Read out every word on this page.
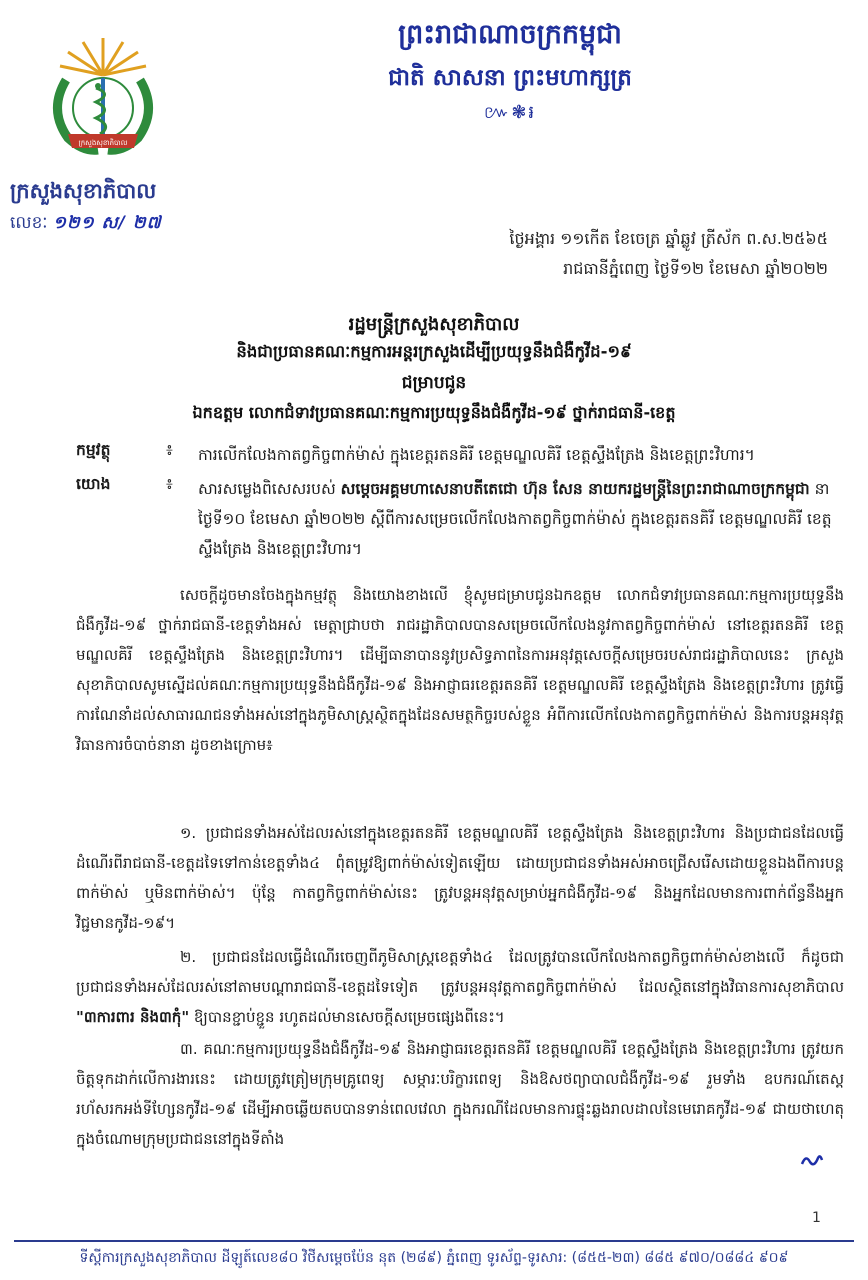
ក្រសួងសុខាភិបាល
ក្រសួងសុខាភិបាល
លេខៈ ១២១ ស/ ២៧
ព្រះរាជាណាចក្រកម្ពុជា
ជាតិ សាសនា ព្រះមហាក្សត្រ
៚❃៛
ថ្ងៃអង្គារ ១១កើត ខែចេត្រ ឆ្នាំឆ្លូវ ត្រីស័ក ព.ស.២៥៦៥
រាជធានីភ្នំពេញ ថ្ងៃទី១២ ខែមេសា ឆ្នាំ២០២២
រដ្ឋមន្ត្រីក្រសួងសុខាភិបាល
និងជាប្រធានគណៈកម្មការអន្តរក្រសួងដើម្បីប្រយុទ្ធនឹងជំងឺកូវីដ-១៩
ជម្រាបជូន
ឯកឧត្តម លោកជំទាវប្រធានគណៈកម្មការប្រយុទ្ធនឹងជំងឺកូវីដ-១៩ ថ្នាក់រាជធានី-ខេត្ត
កម្មវត្ថុ	៖ ការលើកលែងកាតព្វកិច្ចពាក់ម៉ាស់ ក្នុងខេត្តរតនគិរី ខេត្តមណ្ឌលគិរី ខេត្តស្ទឹងត្រែង និងខេត្តព្រះវិហារ។
យោង	៖ សារសម្លេងពិសេសរបស់ សម្ដេចអគ្គមហាសេនាបតីតេជោ ហ៊ុន សែន នាយករដ្ឋមន្ត្រីនៃព្រះរាជាណាចក្រកម្ពុជា នាថ្ងៃទី១០ ខែមេសា ឆ្នាំ២០២២ ស្ដីពីការសម្រេចលើកលែងកាតព្វកិច្ចពាក់ម៉ាស់ ក្នុងខេត្តរតនគិរី ខេត្តមណ្ឌលគិរី ខេត្តស្ទឹងត្រែង និងខេត្តព្រះវិហារ។
សេចក្ដីដូចមានចែងក្នុងកម្មវត្ថុ និងយោងខាងលើ ខ្ញុំសូមជម្រាបជូនឯកឧត្តម លោកជំទាវប្រធានគណៈកម្មការប្រយុទ្ធនឹងជំងឺកូវីដ-១៩ ថ្នាក់រាជធានី-ខេត្តទាំងអស់ មេត្តាជ្រាបថា រាជរដ្ឋាភិបាលបានសម្រេចលើកលែងនូវកាតព្វកិច្ចពាក់ម៉ាស់ នៅខេត្តរតនគិរី ខេត្តមណ្ឌលគិរី ខេត្តស្ទឹងត្រែង និងខេត្តព្រះវិហារ។ ដើម្បីធានាបាននូវប្រសិទ្ធភាពនៃការអនុវត្តសេចក្ដីសម្រេចរបស់រាជរដ្ឋាភិបាលនេះ ក្រសួងសុខាភិបាលសូមស្នើដល់គណៈកម្មការប្រយុទ្ធនឹងជំងឺកូវីដ-១៩ និងអាជ្ញាធរខេត្តរតនគិរី ខេត្តមណ្ឌលគិរី ខេត្តស្ទឹងត្រែង និងខេត្តព្រះវិហារ ត្រូវធ្វើការណែនាំដល់សាធារណជនទាំងអស់នៅក្នុងភូមិសាស្ត្រស្ថិតក្នុងដែនសមត្ថកិច្ចរបស់ខ្លួន អំពីការលើកលែងកាតព្វកិច្ចពាក់ម៉ាស់ និងការបន្តអនុវត្តវិធានការចំបាច់នានា ដូចខាងក្រោម៖
១. ប្រជាជនទាំងអស់ដែលរស់នៅក្នុងខេត្តរតនគិរី ខេត្តមណ្ឌលគិរី ខេត្តស្ទឹងត្រែង និងខេត្តព្រះវិហារ និងប្រជាជនដែលធ្វើដំណើរពីរាជធានី-ខេត្តដទៃទៅកាន់ខេត្តទាំង៤ ពុំតម្រូវឱ្យពាក់ម៉ាស់ទៀតឡើយ ដោយប្រជាជនទាំងអស់អាចជ្រើសរើសដោយខ្លួនឯងពីការបន្តពាក់ម៉ាស់ ឬមិនពាក់ម៉ាស់។ ប៉ុន្តែ កាតព្វកិច្ចពាក់ម៉ាស់នេះ ត្រូវបន្តអនុវត្តសម្រាប់អ្នកជំងឺកូវីដ-១៩ និងអ្នកដែលមានការពាក់ព័ន្ធនឹងអ្នកវិជ្ជមានកូវីដ-១៩។
២. ប្រជាជនដែលធ្វើដំណើរចេញពីភូមិសាស្ត្រខេត្តទាំង៤ ដែលត្រូវបានលើកលែងកាតព្វកិច្ចពាក់ម៉ាស់ខាងលើ ក៏ដូចជាប្រជាជនទាំងអស់ដែលរស់នៅតាមបណ្ដារាជធានី-ខេត្តដទៃទៀត ត្រូវបន្តអនុវត្តកាតព្វកិច្ចពាក់ម៉ាស់ ដែលស្ថិតនៅក្នុងវិធានការសុខាភិបាល "៣ការពារ និង៣កុំ" ឱ្យបានខ្ជាប់ខ្ជួន រហូតដល់មានសេចក្ដីសម្រេចផ្សេងពីនេះ។
៣. គណៈកម្មការប្រយុទ្ធនឹងជំងឺកូវីដ-១៩ និងអាជ្ញាធរខេត្តរតនគិរី ខេត្តមណ្ឌលគិរី ខេត្តស្ទឹងត្រែង និងខេត្តព្រះវិហារ ត្រូវយកចិត្តទុកដាក់លើការងារនេះ ដោយត្រូវត្រៀមក្រុមគ្រូពេទ្យ សម្ភារៈបរិក្ខារពេទ្យ និងឱសថព្យាបាលជំងឺកូវីដ-១៩ រួមទាំង ឧបករណ៍តេស្តរហ័សរកអង់ទីហ្សែនកូវីដ-១៩ ដើម្បីអាចឆ្លើយតបបានទាន់ពេលវេលា ក្នុងករណីដែលមានការផ្ទុះឆ្លងរាលដាលនៃមេរោគកូវីដ-១៩ ជាយថាហេតុ ក្នុងចំណោមក្រុមប្រជាជននៅក្នុងទីតាំង
1
ទីស្ដីការក្រសួងសុខាភិបាល ដីឡូត៍លេខ៨០ វិថីសម្ដេចប៉ែន នុត (២៨៩) ភ្នំពេញ ទូរស័ព្ទ-ទូរសារ: (៨៥៥-២៣) ៨៨៥ ៩៧០/០៨៨៤ ៩០៩
